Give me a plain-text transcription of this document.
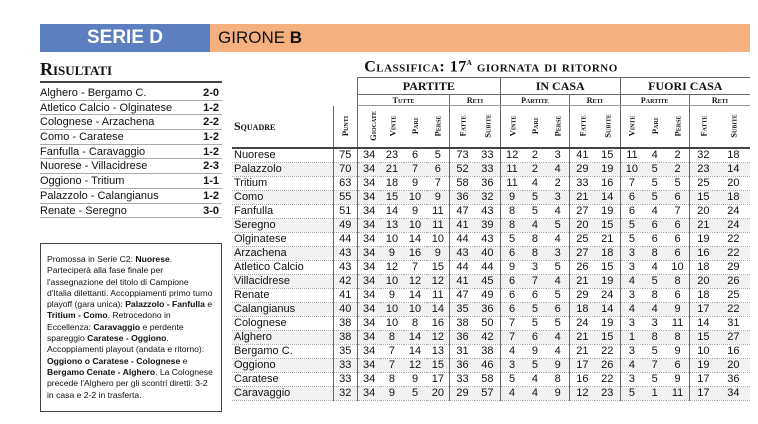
SERIE D	GIRONE B
Risultati
Alghero - Bergamo C.	2-0
Atletico Calcio - Olginatese	1-2
Colognese - Arzachena	2-2
Como - Caratese	1-2
Fanfulla - Caravaggio	1-2
Nuorese - Villacidrese	2-3
Oggiono - Tritium	1-1
Palazzolo - Calangianus	1-2
Renate - Seregno	3-0
Promossa in Serie C2: Nuorese. Parteciperà alla fase finale per l'assegnazione del titolo di Campione d'Italia dilettanti. Accoppiamenti primo turno playoff (gara unica): Palazzolo - Fanfulla e Tritium - Como. Retrocedono in Eccellenza: Caravaggio e perdente spareggio Caratese - Oggiono. Accoppiamenti playout (andata e ritorno): Oggiono o Caratese - Colognese e Bergamo Cenate - Alghero. La Colognese precede l'Alghero per gli scontri diretti: 3-2 in casa e 2-2 in trasferta.
Classifica: 17$^a$ giornata di ritorno
		PARTITE						IN CASA					FUORI CASA				
		Tutte				Reti		Partite			Reti		Partite			Reti	
Squadre	Punti	Giocate	Vinte	Pari	Perse	Fatte	Subite	Vinte	Pari	Perse	Fatte	Subite	Vinte	Pari	Perse	Fatte	Subite
Nuorese	75	34	23	6	5	73	33	12	2	3	41	15	11	4	2	32	18
Palazzolo	70	34	21	7	6	52	33	11	2	4	29	19	10	5	2	23	14
Tritium	63	34	18	9	7	58	36	11	4	2	33	16	7	5	5	25	20
Como	55	34	15	10	9	36	32	9	5	3	21	14	6	5	6	15	18
Fanfulla	51	34	14	9	11	47	43	8	5	4	27	19	6	4	7	20	24
Seregno	49	34	13	10	11	41	39	8	4	5	20	15	5	6	6	21	24
Olginatese	44	34	10	14	10	44	43	5	8	4	25	21	5	6	6	19	22
Arzachena	43	34	9	16	9	43	40	6	8	3	27	18	3	8	6	16	22
Atletico Calcio	43	34	12	7	15	44	44	9	3	5	26	15	3	4	10	18	29
Villacidrese	42	34	10	12	12	41	45	6	7	4	21	19	4	5	8	20	26
Renate	41	34	9	14	11	47	49	6	6	5	29	24	3	8	6	18	25
Calangianus	40	34	10	10	14	35	36	6	5	6	18	14	4	4	9	17	22
Colognese	38	34	10	8	16	38	50	7	5	5	24	19	3	3	11	14	31
Alghero	38	34	8	14	12	36	42	7	6	4	21	15	1	8	8	15	27
Bergamo C.	35	34	7	14	13	31	38	4	9	4	21	22	3	5	9	10	16
Oggiono	33	34	7	12	15	36	46	3	5	9	17	26	4	7	6	19	20
Caratese	33	34	8	9	17	33	58	5	4	8	16	22	3	5	9	17	36
Caravaggio	32	34	9	5	20	29	57	4	4	9	12	23	5	1	11	17	34
